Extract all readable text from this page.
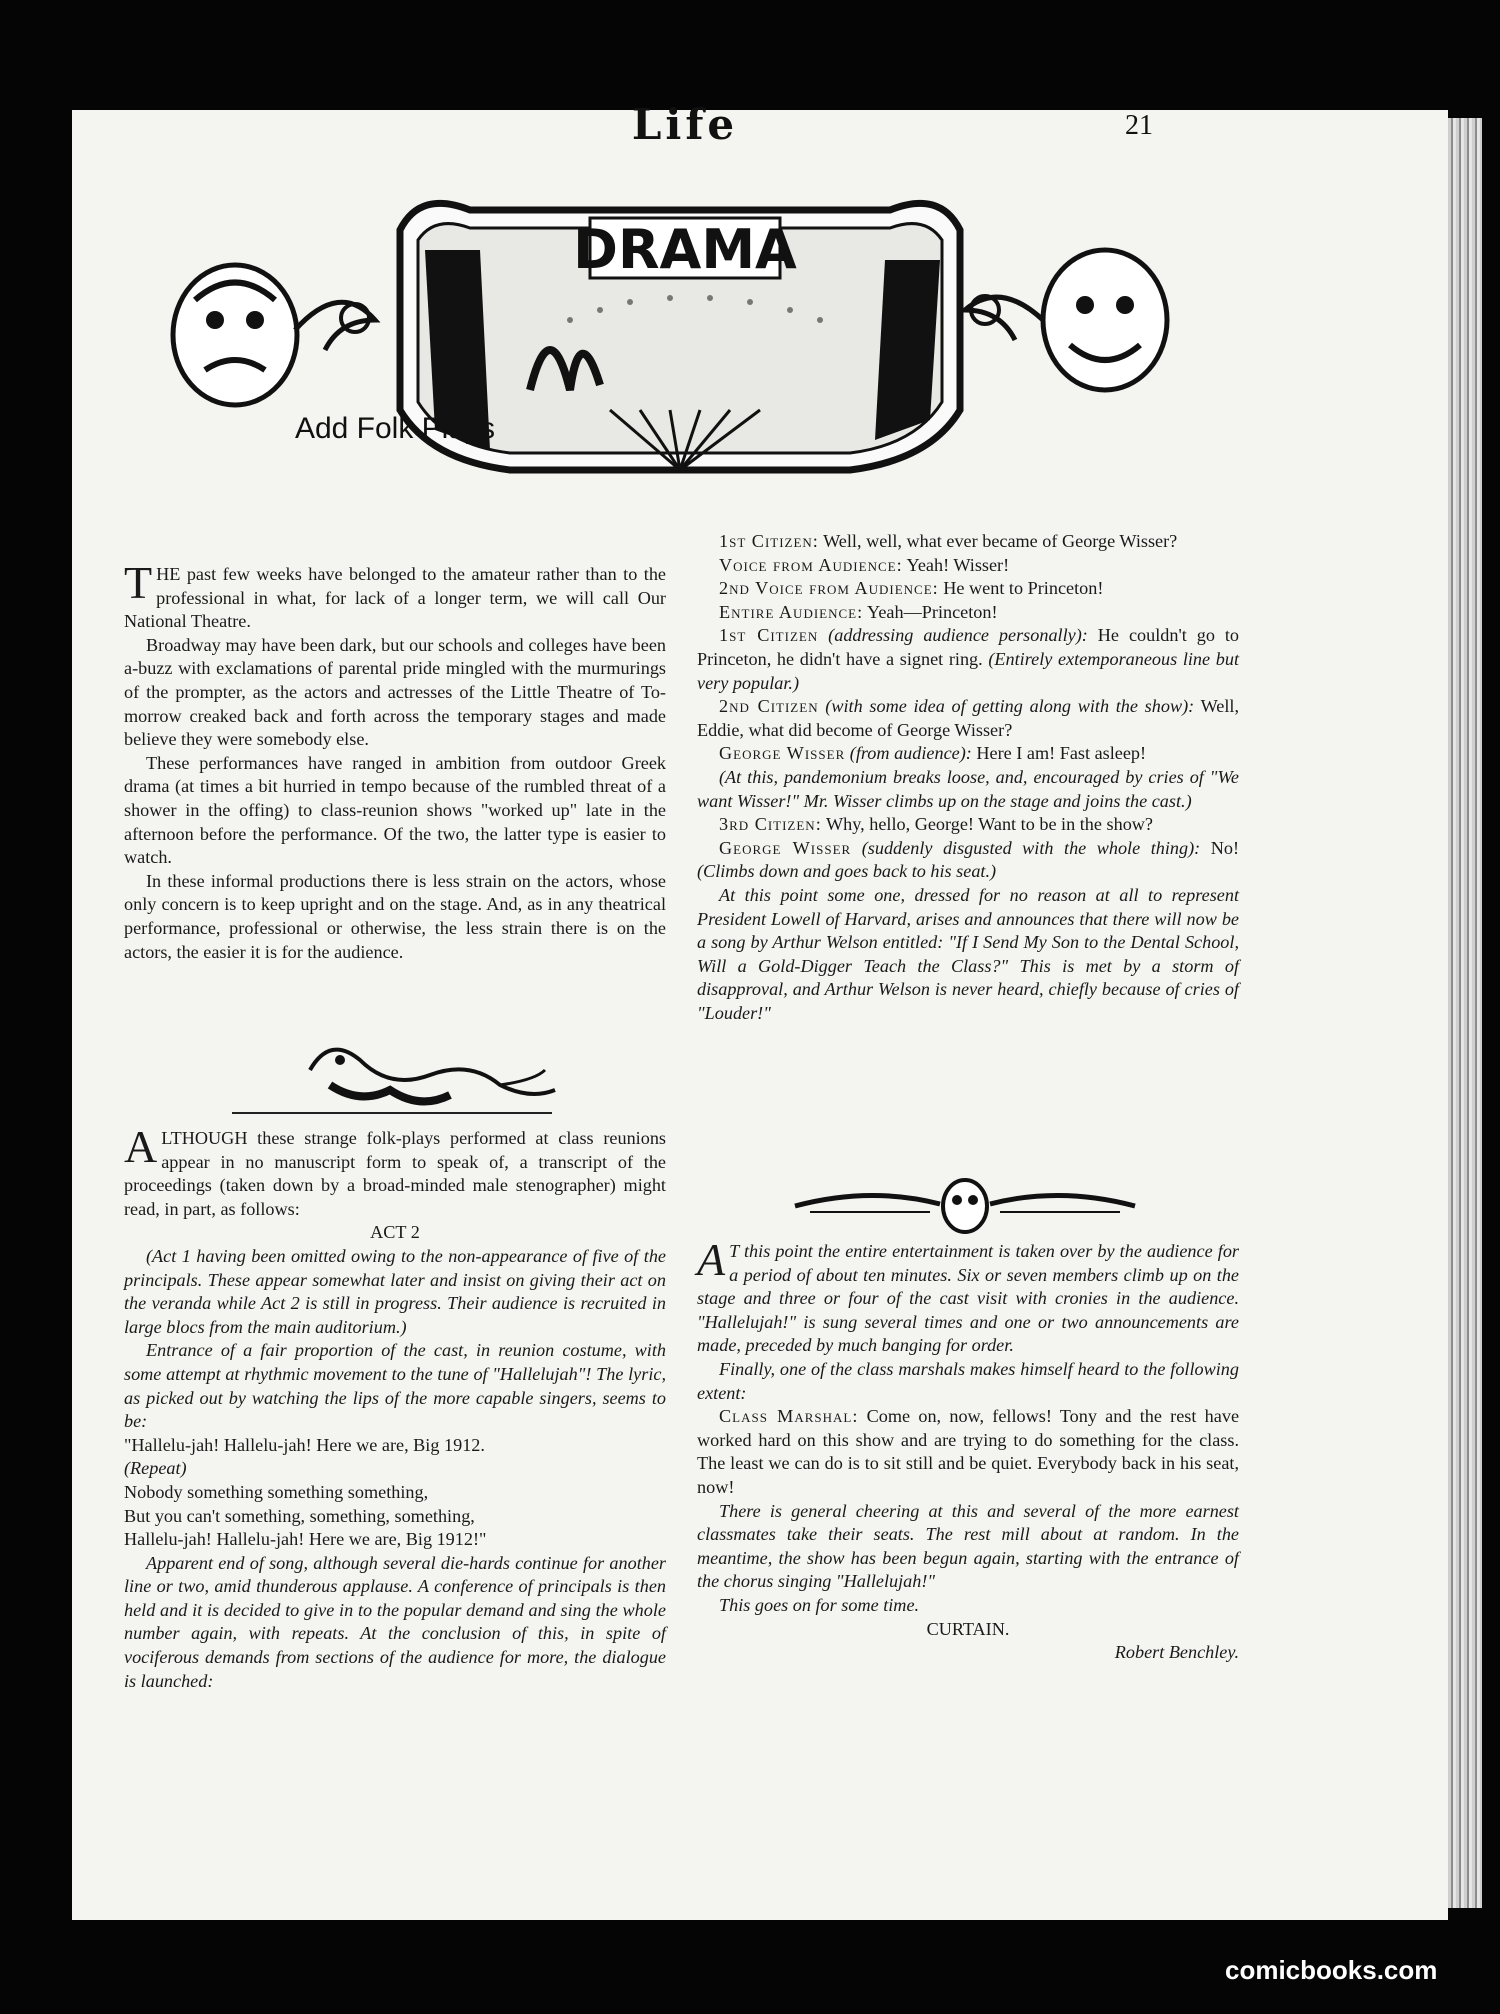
Life	21
DRAMA
Add Folk Plays

THE past few weeks have belonged to the amateur rather than to the professional in what, for lack of a longer term, we will call Our National Theatre.

Broadway may have been dark, but our schools and colleges have been a-buzz with exclamations of parental pride mingled with the murmurings of the prompter, as the actors and actresses of the Little Theatre of To-morrow creaked back and forth across the temporary stages and made believe they were somebody else.

These performances have ranged in ambition from outdoor Greek drama (at times a bit hurried in tempo because of the rumbled threat of a shower in the offing) to class-reunion shows "worked up" late in the afternoon before the performance. Of the two, the latter type is easier to watch.

In these informal productions there is less strain on the actors, whose only concern is to keep upright and on the stage. And, as in any theatrical performance, professional or otherwise, the less strain there is on the actors, the easier it is for the audience.

ALTHOUGH these strange folk-plays performed at class reunions appear in no manuscript form to speak of, a transcript of the proceedings (taken down by a broad-minded male stenographer) might read, in part, as follows:

ACT 2

(Act 1 having been omitted owing to the non-appearance of five of the principals. These appear somewhat later and insist on giving their act on the veranda while Act 2 is still in progress. Their audience is recruited in large blocs from the main auditorium.)

Entrance of a fair proportion of the cast, in reunion costume, with some attempt at rhythmic movement to the tune of "Hallelujah"! The lyric, as picked out by watching the lips of the more capable singers, seems to be:

"Hallelu-jah! Hallelu-jah! Here we are, Big 1912.

(Repeat)

Nobody something something something,

But you can't something, something, something,

Hallelu-jah! Hallelu-jah! Here we are, Big 1912!"

Apparent end of song, although several die-hards continue for another line or two, amid thunderous applause. A conference of principals is then held and it is decided to give in to the popular demand and sing the whole number again, with repeats. At the conclusion of this, in spite of vociferous demands from sections of the audience for more, the dialogue is launched:

1st Citizen: Well, well, what ever became of George Wisser?

Voice from Audience: Yeah! Wisser!

2nd Voice from Audience: He went to Princeton!

Entire Audience: Yeah—Princeton!

1st Citizen (addressing audience personally): He couldn't go to Princeton, he didn't have a signet ring. (Entirely extemporaneous line but very popular.)

2nd Citizen (with some idea of getting along with the show): Well, Eddie, what did become of George Wisser?

George Wisser (from audience): Here I am! Fast asleep!

(At this, pandemonium breaks loose, and, encouraged by cries of "We want Wisser!" Mr. Wisser climbs up on the stage and joins the cast.)

3rd Citizen: Why, hello, George! Want to be in the show?

George Wisser (suddenly disgusted with the whole thing): No! (Climbs down and goes back to his seat.)

At this point some one, dressed for no reason at all to represent President Lowell of Harvard, arises and announces that there will now be a song by Arthur Welson entitled: "If I Send My Son to the Dental School, Will a Gold-Digger Teach the Class?" This is met by a storm of disapproval, and Arthur Welson is never heard, chiefly because of cries of "Louder!"

A T this point the entire entertainment is taken over by the audience for a period of about ten minutes. Six or seven members climb up on the stage and three or four of the cast visit with cronies in the audience. "Hallelujah!" is sung several times and one or two announcements are made, preceded by much banging for order.

Finally, one of the class marshals makes himself heard to the following extent:

Class Marshal: Come on, now, fellows! Tony and the rest have worked hard on this show and are trying to do something for the class. The least we can do is to sit still and be quiet. Everybody back in his seat, now!

There is general cheering at this and several of the more earnest classmates take their seats. The rest mill about at random. In the meantime, the show has been begun again, starting with the entrance of the chorus singing "Hallelujah!"

This goes on for some time.

CURTAIN.

Robert Benchley.

comicbooks.com
